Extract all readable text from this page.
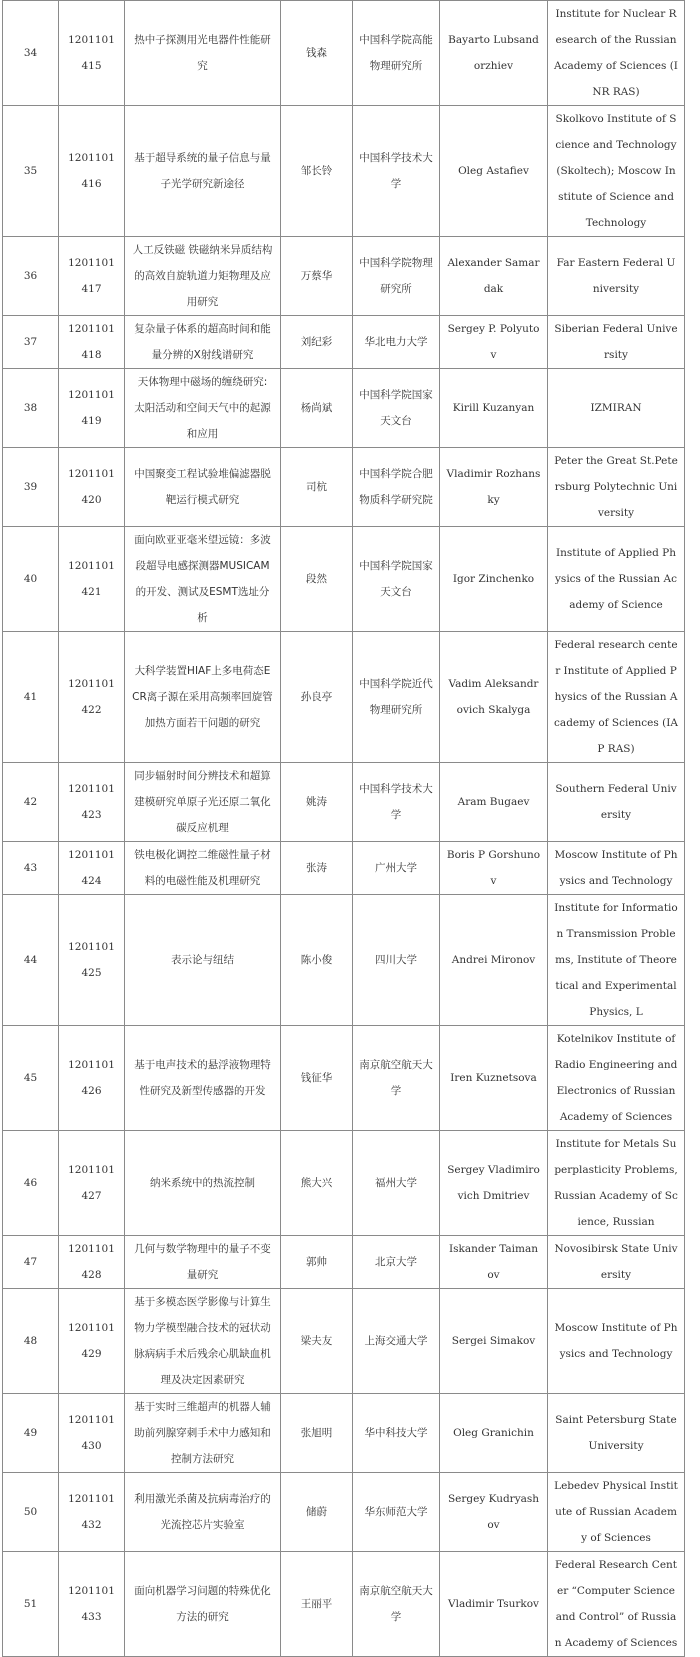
34	1201101415	热中子探测用光电器件性能研究	钱森	中国科学院高能物理研究所	Bayarto Lubsandorzhiev	Institute for Nuclear Research of the Russian Academy of Sciences (INR RAS)
35	1201101416	基于超导系统的量子信息与量子光学研究新途径	邹长铃	中国科学技术大学	Oleg Astafiev	Skolkovo Institute of Science and Technology (Skoltech); Moscow Institute of Science and Technology
36	1201101417	人工反铁磁 铁磁纳米异质结构的高效自旋轨道力矩物理及应用研究	万蔡华	中国科学院物理研究所	Alexander Samardak	Far Eastern Federal University
37	1201101418	复杂量子体系的超高时间和能量分辨的X射线谱研究	刘纪彩	华北电力大学	Sergey P. Polyutov	Siberian Federal University
38	1201101419	天体物理中磁场的缠绕研究: 太阳活动和空间天气中的起源和应用	杨尚斌	中国科学院国家天文台	Kirill Kuzanyan	IZMIRAN
39	1201101420	中国聚变工程试验堆偏滤器脱靶运行模式研究	司杭	中国科学院合肥物质科学研究院	Vladimir Rozhansky	Peter the Great St.Petersburg Polytechnic University
40	1201101421	面向欧亚亚毫米望远镜：多波段超导电感探测器MUSICAM的开发、测试及ESMT选址分析	段然	中国科学院国家天文台	Igor Zinchenko	Institute of Applied Physics of the Russian Academy of Science
41	1201101422	大科学装置HIAF上多电荷态ECR离子源在采用高频率回旋管加热方面若干问题的研究	孙良亭	中国科学院近代物理研究所	Vadim Aleksandrovich Skalyga	Federal research center Institute of Applied Physics of the Russian Academy of Sciences (IAP RAS)
42	1201101423	同步辐射时间分辨技术和超算建模研究单原子光还原二氧化碳反应机理	姚涛	中国科学技术大学	Aram Bugaev	Southern Federal University
43	1201101424	铁电极化调控二维磁性量子材料的电磁性能及机理研究	张涛	广州大学	Boris P Gorshunov	Moscow Institute of Physics and Technology
44	1201101425	表示论与纽结	陈小俊	四川大学	Andrei Mironov	Institute for Information Transmission Problems, Institute of Theoretical and Experimental Physics, L
45	1201101426	基于电声技术的悬浮液物理特性研究及新型传感器的开发	钱征华	南京航空航天大学	Iren Kuznetsova	Kotelnikov Institute of Radio Engineering and Electronics of Russian Academy of Sciences
46	1201101427	纳米系统中的热流控制	熊大兴	福州大学	Sergey Vladimirovich Dmitriev	Institute for Metals Superplasticity Problems, Russian Academy of Science, Russian
47	1201101428	几何与数学物理中的量子不变量研究	郭帅	北京大学	Iskander Taimanov	Novosibirsk State University
48	1201101429	基于多模态医学影像与计算生物力学模型融合技术的冠状动脉病病手术后残余心肌缺血机理及决定因素研究	梁夫友	上海交通大学	Sergei Simakov	Moscow Institute of Physics and Technology
49	1201101430	基于实时三维超声的机器人辅助前列腺穿刺手术中力感知和控制方法研究	张旭明	华中科技大学	Oleg Granichin	Saint Petersburg State University
50	1201101432	利用激光杀菌及抗病毒治疗的光流控芯片实验室	储蔚	华东师范大学	Sergey Kudryashov	Lebedev Physical Institute of Russian Academy of Sciences
51	1201101433	面向机器学习问题的特殊优化方法的研究	王丽平	南京航空航天大学	Vladimir Tsurkov	Federal Research Center “Computer Science and Control” of Russian Academy of Sciences
